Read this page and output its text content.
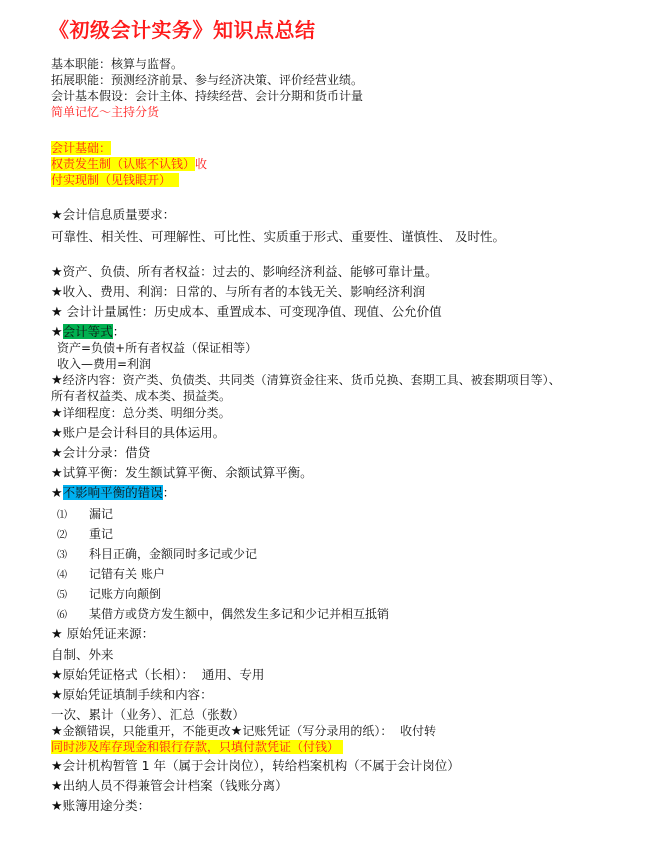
《初级会计实务》知识点总结
基本职能：核算与监督。
拓展职能：预测经济前景、参与经济决策、评价经营业绩。
会计基本假设：会计主体、持续经营、会计分期和货币计量
简单记忆～主持分货
会计基础：
权责发生制（认账不认钱）收
付实现制（见钱眼开）
★会计信息质量要求：
可靠性、相关性、可理解性、可比性、实质重于形式、重要性、谨慎性、 及时性。
★资产、负债、所有者权益：过去的、影响经济利益、能够可靠计量。
★收入、费用、利润：日常的、与所有者的本钱无关、影响经济利润
★ 会计计量属性：历史成本、重置成本、可变现净值、现值、公允价值
★会计等式：
资产=负债+所有者权益（保证相等）
收入—费用=利润
★经济内容：资产类、负债类、共同类（清算资金往来、货币兑换、套期工具、被套期项目等）、
所有者权益类、成本类、损益类。
★详细程度：总分类、明细分类。
★账户是会计科目的具体运用。
★会计分录：借贷
★试算平衡：发生额试算平衡、余额试算平衡。
★不影响平衡的错误：
⑴ 漏记
⑵ 重记
⑶ 科目正确，金额同时多记或少记
⑷ 记错有关 账户
⑸ 记账方向颠倒
⑹ 某借方或贷方发生额中，偶然发生多记和少记并相互抵销
★ 原始凭证来源：
自制、外来
★原始凭证格式（长相）：  通用、专用
★原始凭证填制手续和内容：
一次、累计（业务）、汇总（张数）
★金额错误，只能重开，不能更改★记账凭证（写分录用的纸）：  收付转
同时涉及库存现金和银行存款，只填付款凭证（付钱）
★会计机构暂管 1 年（属于会计岗位），转给档案机构（不属于会计岗位）
★出纳人员不得兼管会计档案（钱账分离）
★账簿用途分类：
